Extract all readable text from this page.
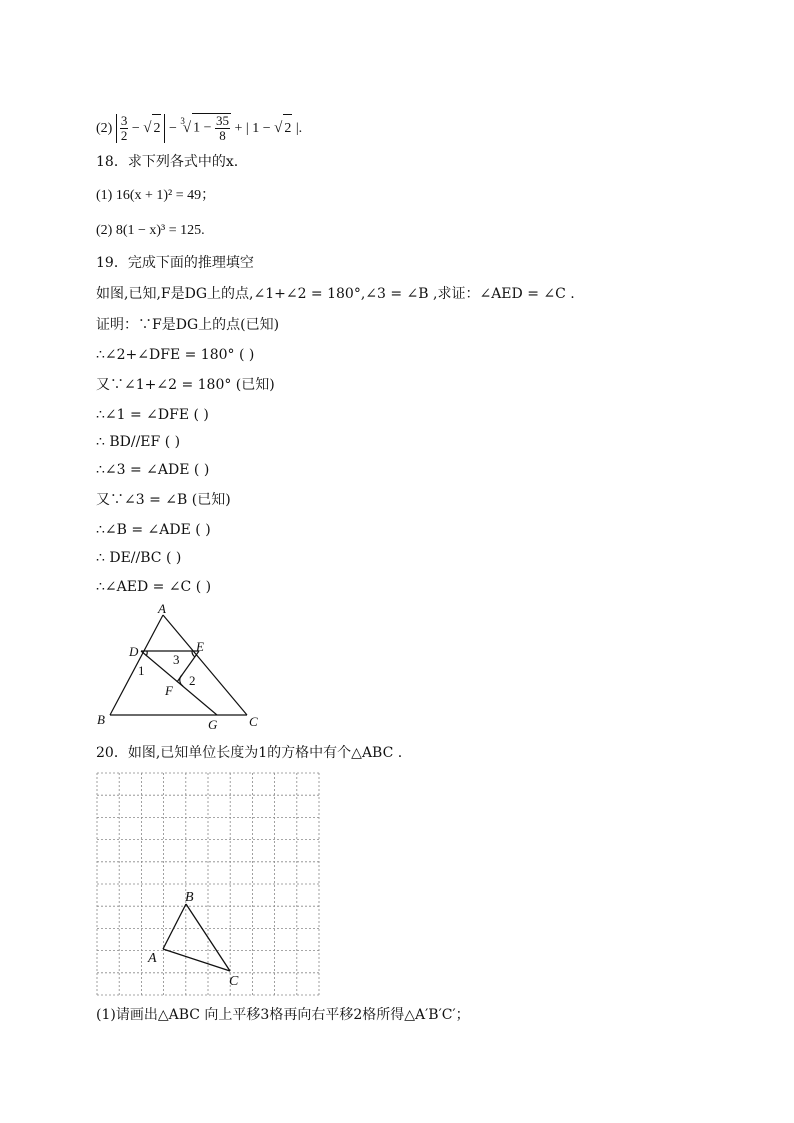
$(2) \frac{3}{2}$ − √ 2 − $^3$√ $1 - \frac{35}{8}$ + | 1 − √ 2 |.
18．求下列各式中的x.
(1) 16(x + 1)² = 49；
(2) 8(1 − x)³ = 125.
19．完成下面的推理填空
如图,已知,F是DG上的点,∠1+∠2 = 180°,∠3 = ∠B ,求证：∠AED = ∠C .
证明：∵F是DG上的点(已知)
∴∠2+∠DFE = 180° ( )
又∵∠1+∠2 = 180° (已知)
∴∠1 = ∠DFE ( )
∴ BD//EF ( )
∴∠3 = ∠ADE ( )
又∵∠3 = ∠B (已知)
∴∠B = ∠ADE ( )
∴ DE//BC ( )
∴∠AED = ∠C ( )
A
B	C
D	E
F
G
1
2
3
20．如图,已知单位长度为1的方格中有个△ABC .
A
B
C
(1)请画出△ABC 向上平移3格再向右平移2格所得△A′B′C′；
